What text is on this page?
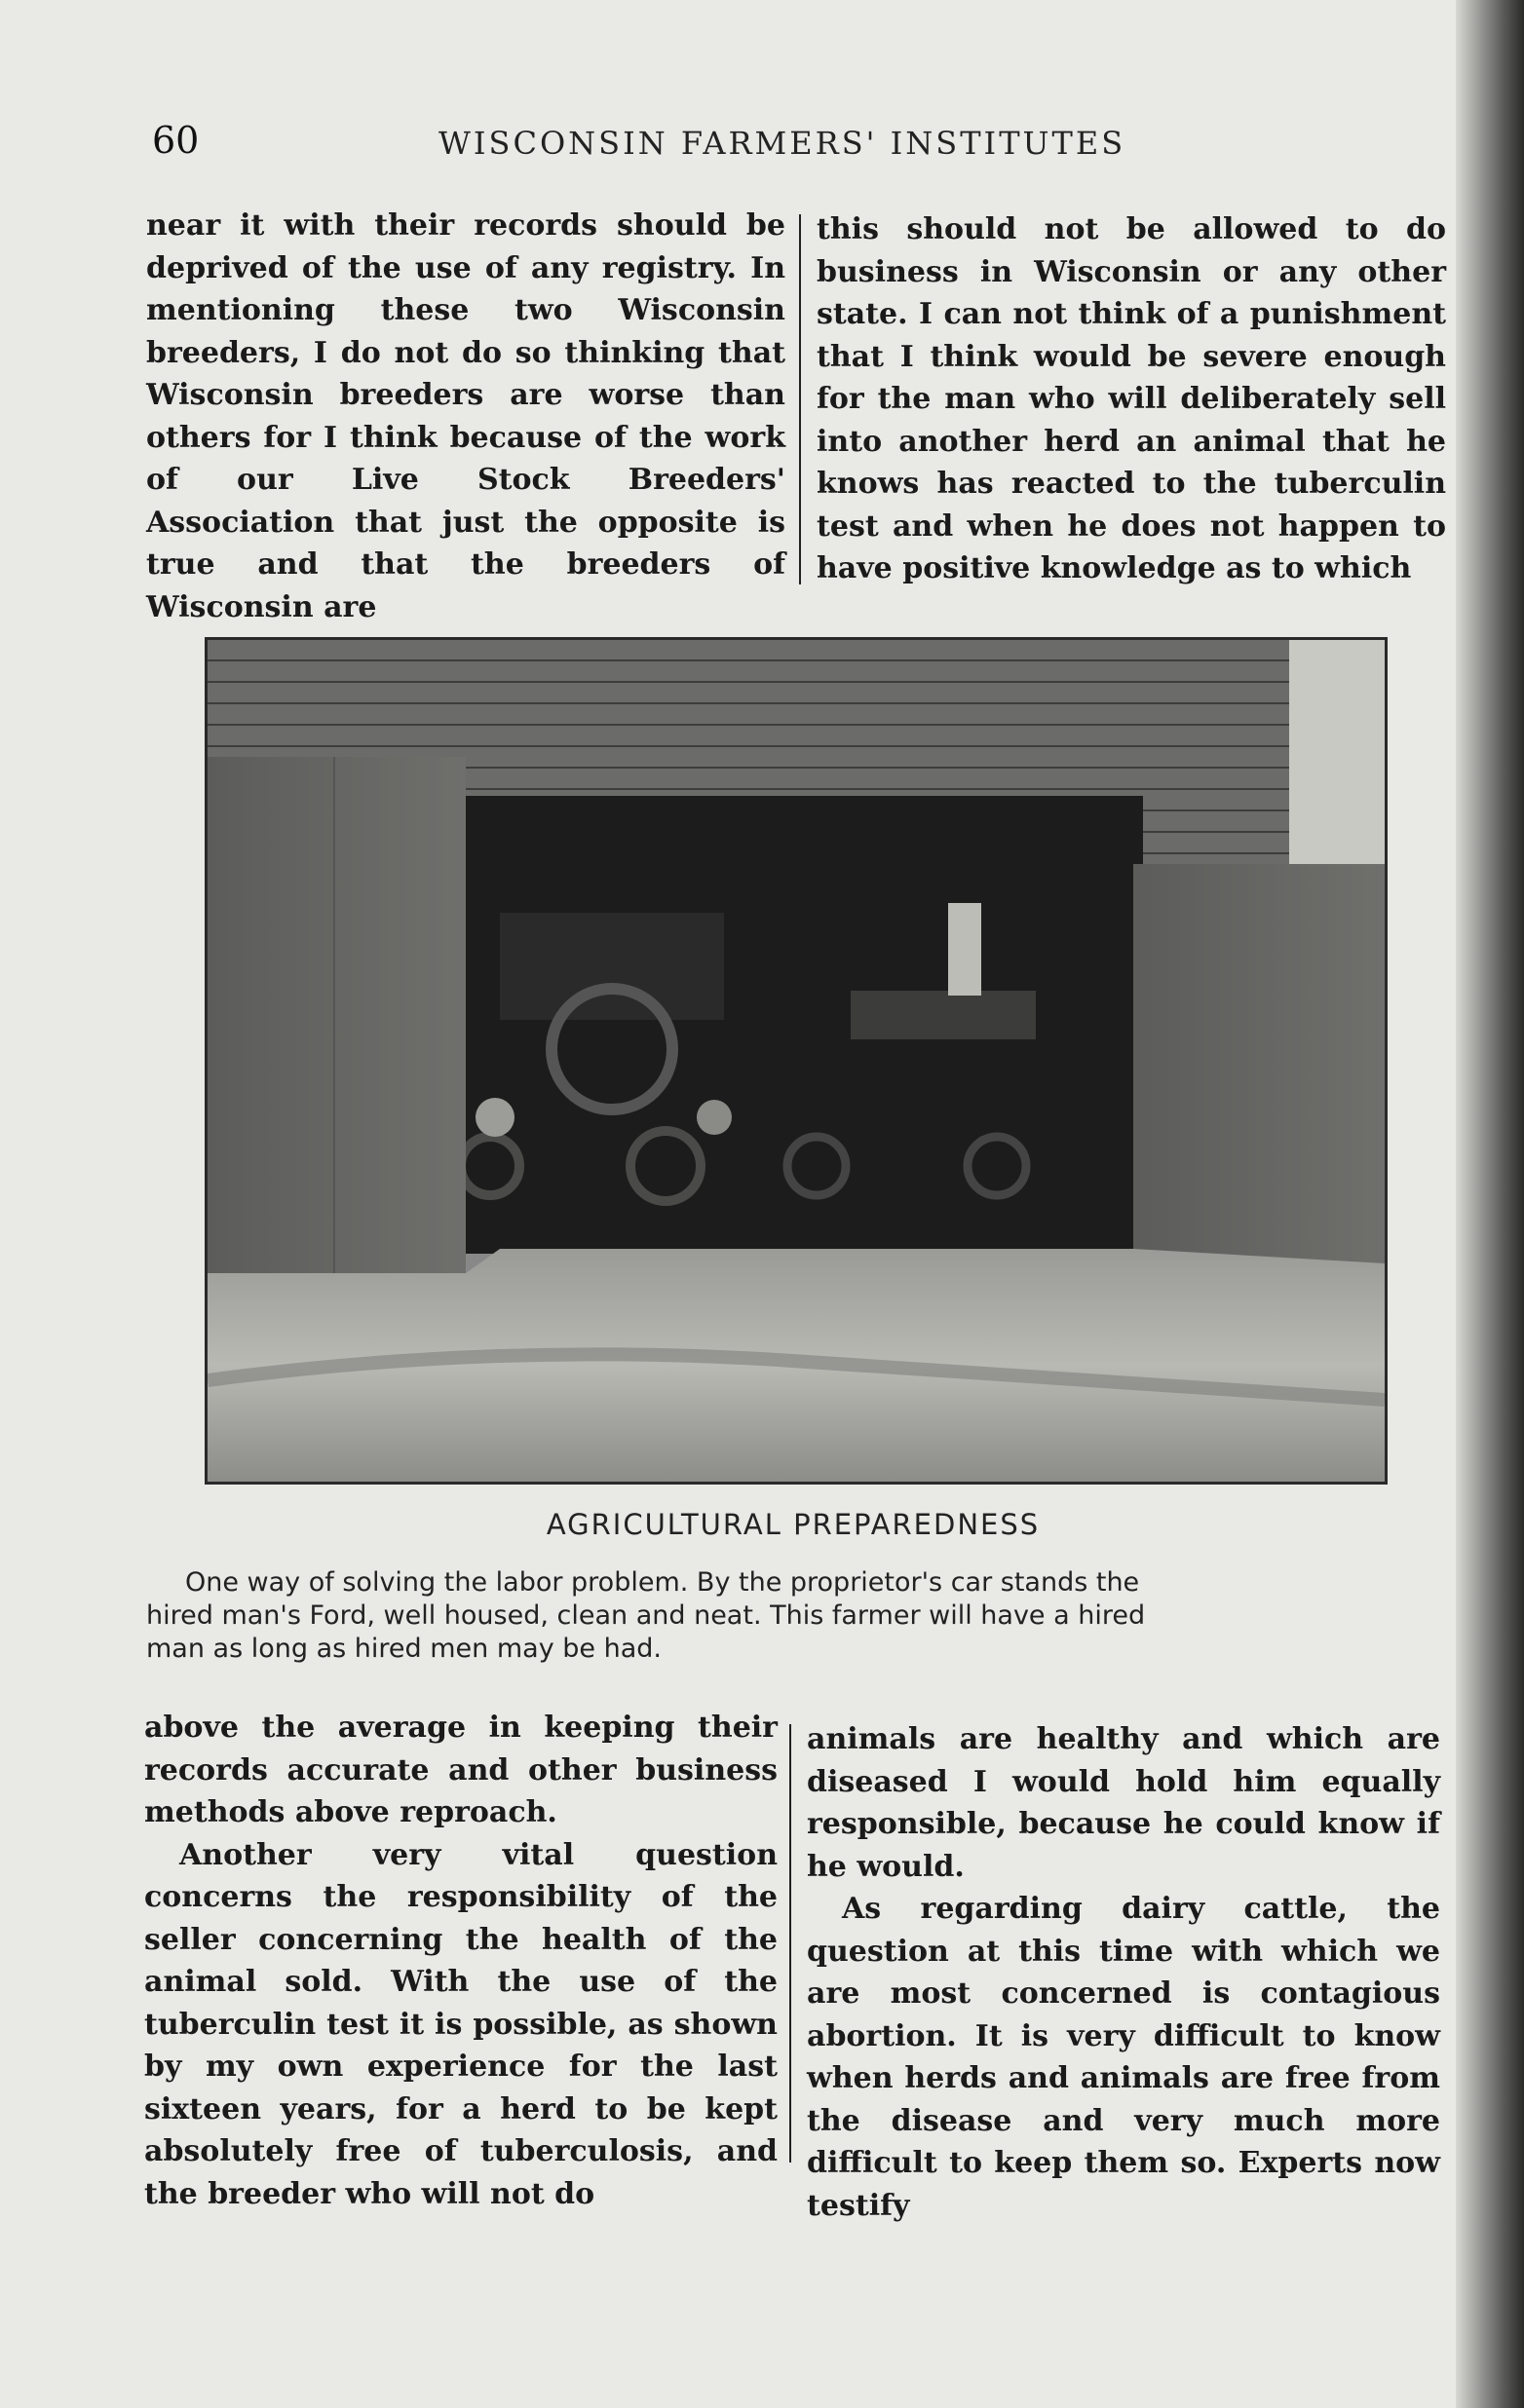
60	WISCONSIN FARMERS' INSTITUTES

near it with their records should be deprived of the use of any registry. In mentioning these two Wisconsin breeders, I do not do so thinking that Wisconsin breeders are worse than others for I think because of the work of our Live Stock Breeders' Association that just the opposite is true and that the breeders of Wisconsin are

this should not be allowed to do business in Wisconsin or any other state. I can not think of a punishment that I think would be severe enough for the man who will deliberately sell into another herd an animal that he knows has reacted to the tuberculin test and when he does not happen to have positive knowledge as to which

AGRICULTURAL PREPAREDNESS
One way of solving the labor problem. By the proprietor's car stands the
hired man's Ford, well housed, clean and neat. This farmer will have a hired
man as long as hired men may be had.

above the average in keeping their records accurate and other business methods above reproach.

Another very vital question concerns the responsibility of the seller concerning the health of the animal sold. With the use of the tuberculin test it is possible, as shown by my own experience for the last sixteen years, for a herd to be kept absolutely free of tuberculosis, and the breeder who will not do

animals are healthy and which are diseased I would hold him equally responsible, because he could know if he would.

As regarding dairy cattle, the question at this time with which we are most concerned is contagious abortion. It is very difficult to know when herds and animals are free from the disease and very much more difficult to keep them so. Experts now testify
